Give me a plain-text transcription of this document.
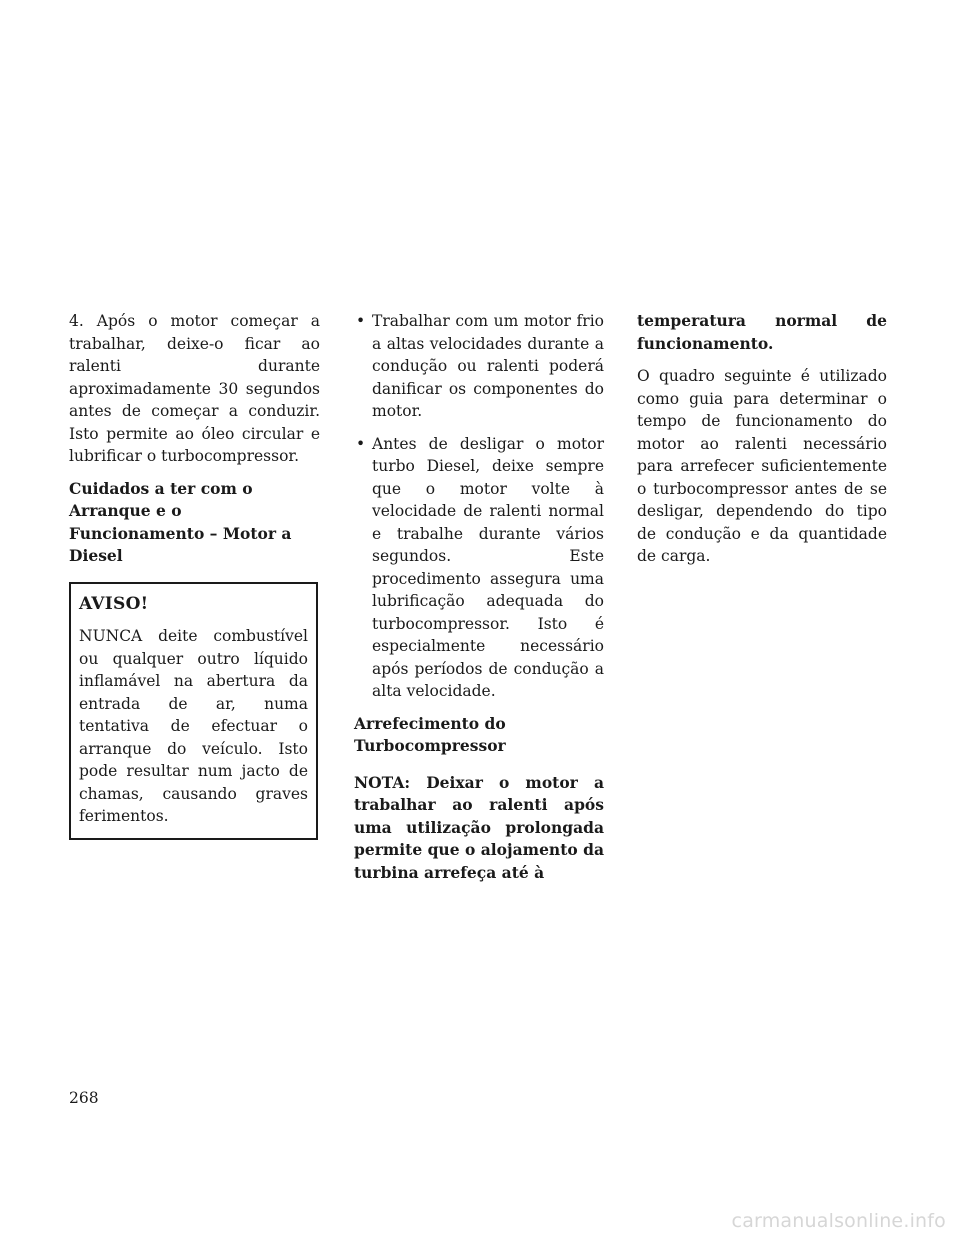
4. Após o motor começar a trabalhar, deixe-o ficar ao ralenti durante aproximadamente 30 segundos antes de começar a conduzir. Isto permite ao óleo circular e lubrificar o turbocompressor.

Cuidados a ter com o Arranque e o Funcionamento – Motor a Diesel

AVISO!

NUNCA deite combustível ou qualquer outro líquido inflamável na abertura da entrada de ar, numa tentativa de efectuar o arranque do veículo. Isto pode resultar num jacto de chamas, causando graves ferimentos.

• Trabalhar com um motor frio a altas velocidades durante a condução ou ralenti poderá danificar os componentes do motor.
• Antes de desligar o motor turbo Diesel, deixe sempre que o motor volte à velocidade de ralenti normal e trabalhe durante vários segundos. Este procedimento assegura uma lubrificação adequada do turbocompressor. Isto é especialmente necessário após períodos de condução a alta velocidade.

Arrefecimento do Turbocompressor

NOTA: Deixar o motor a trabalhar ao ralenti após uma utilização prolongada permite que o alojamento da turbina arrefeça até à

temperatura normal de funcionamento.

O quadro seguinte é utilizado como guia para determinar o tempo de funcionamento do motor ao ralenti necessário para arrefecer suficientemente o turbocompressor antes de se desligar, dependendo do tipo de condução e da quantidade de carga.

268
carmanualsonline.info
